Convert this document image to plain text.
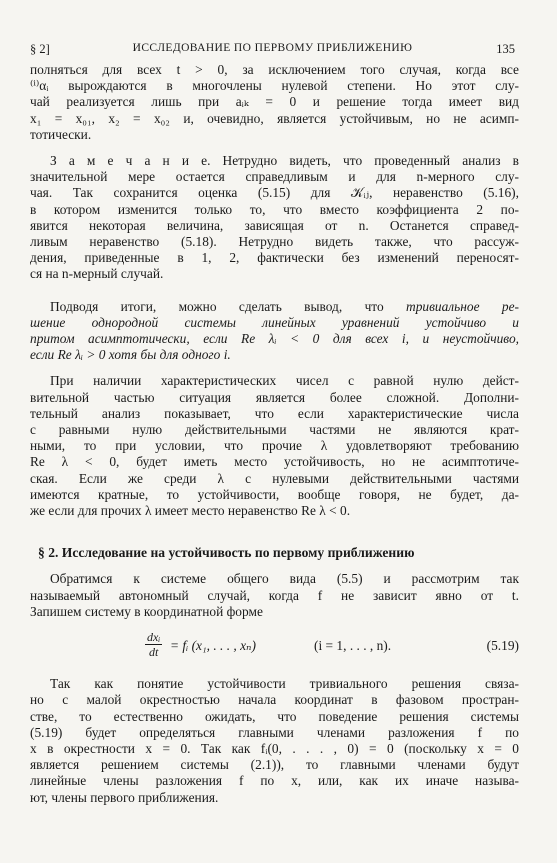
§ 2]	ИССЛЕДОВАНИЕ ПО ПЕРВОМУ ПРИБЛИЖЕНИЮ	135
полняться для всех t > 0, за исключением того случая, когда все
⁽ⁱ⁾αᵢ вырождаются в многочлены нулевой степени. Но этот слу-
чай реализуется лишь при aᵢₖ = 0 и решение тогда имеет вид
x₁ = x₀₁, x₂ = x₀₂ и, очевидно, является устойчивым, но не асимп-
тотически.
З а м е ч а н и е. Нетрудно видеть, что проведенный анализ в
значительной мере остается справедливым и для n-мерного слу-
чая. Так сохранится оценка (5.15) для 𝒦ᵢⱼ, неравенство (5.16),
в котором изменится только то, что вместо коэффициента 2 по-
явится некоторая величина, зависящая от n. Останется справед-
ливым неравенство (5.18). Нетрудно видеть также, что рассуж-
дения, приведенные в 1, 2, фактически без изменений переносят-
ся на n-мерный случай.
Подводя итоги, можно сделать вывод, что тривиальное ре-
шение однородной системы линейных уравнений устойчиво и
притом асимптотически, если Re λᵢ < 0 для всех i, и неустойчиво,
если Re λᵢ > 0 хотя бы для одного i.
При наличии характеристических чисел с равной нулю дейст-
вительной частью ситуация является более сложной. Дополни-
тельный анализ показывает, что если характеристические числа
с равными нулю действительными частями не являются крат-
ными, то при условии, что прочие λ удовлетворяют требованию
Re λ < 0, будет иметь место устойчивость, но не асимптотиче-
ская. Если же среди λ с нулевыми действительными частями
имеются кратные, то устойчивости, вообще говоря, не будет, да-
же если для прочих λ имеет место неравенство Re λ < 0.
§ 2. Исследование на устойчивость по первому приближению
Обратимся к системе общего вида (5.5) и рассмотрим так
называемый автономный случай, когда f не зависит явно от t.
Запишем систему в координатной форме
dxᵢ
dt = fᵢ (x₁, . . . , xₙ)	(i = 1, . . . , n).	(5.19)
Так как понятие устойчивости тривиального решения связа-
но с малой окрестностью начала координат в фазовом простран-
стве, то естественно ожидать, что поведение решения системы
(5.19) будет определяться главными членами разложения f по
x в окрестности x = 0. Так как fᵢ(0, . . . , 0) = 0 (поскольку x = 0
является решением системы (2.1)), то главными членами будут
линейные члены разложения f по x, или, как их иначе называ-
ют, члены первого приближения.
